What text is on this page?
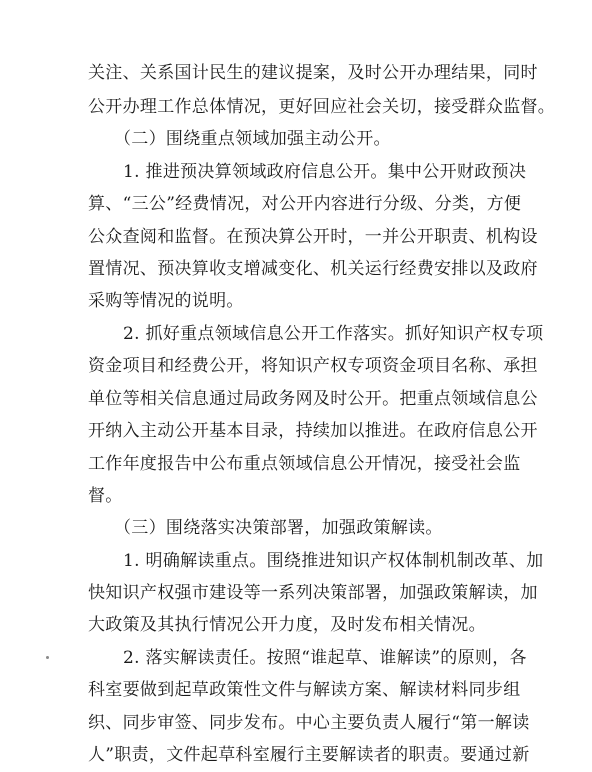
关注、关系国计民生的建议提案，及时公开办理结果，同时
公开办理工作总体情况，更好回应社会关切，接受群众监督。
（二）围绕重点领域加强主动公开。
1. 推进预决算领域政府信息公开。集中公开财政预决
算、“三公”经费情况，对公开内容进行分级、分类，方便
公众查阅和监督。在预决算公开时，一并公开职责、机构设
置情况、预决算收支增减变化、机关运行经费安排以及政府
采购等情况的说明。
2. 抓好重点领域信息公开工作落实。抓好知识产权专项
资金项目和经费公开，将知识产权专项资金项目名称、承担
单位等相关信息通过局政务网及时公开。把重点领域信息公
开纳入主动公开基本目录，持续加以推进。在政府信息公开
工作年度报告中公布重点领域信息公开情况，接受社会监
督。
（三）围绕落实决策部署，加强政策解读。
1. 明确解读重点。围绕推进知识产权体制机制改革、加
快知识产权强市建设等一系列决策部署，加强政策解读，加
大政策及其执行情况公开力度，及时发布相关情况。
2. 落实解读责任。按照“谁起草、谁解读”的原则，各
科室要做到起草政策性文件与解读方案、解读材料同步组
织、同步审签、同步发布。中心主要负责人履行“第一解读
人”职责，文件起草科室履行主要解读者的职责。要通过新
